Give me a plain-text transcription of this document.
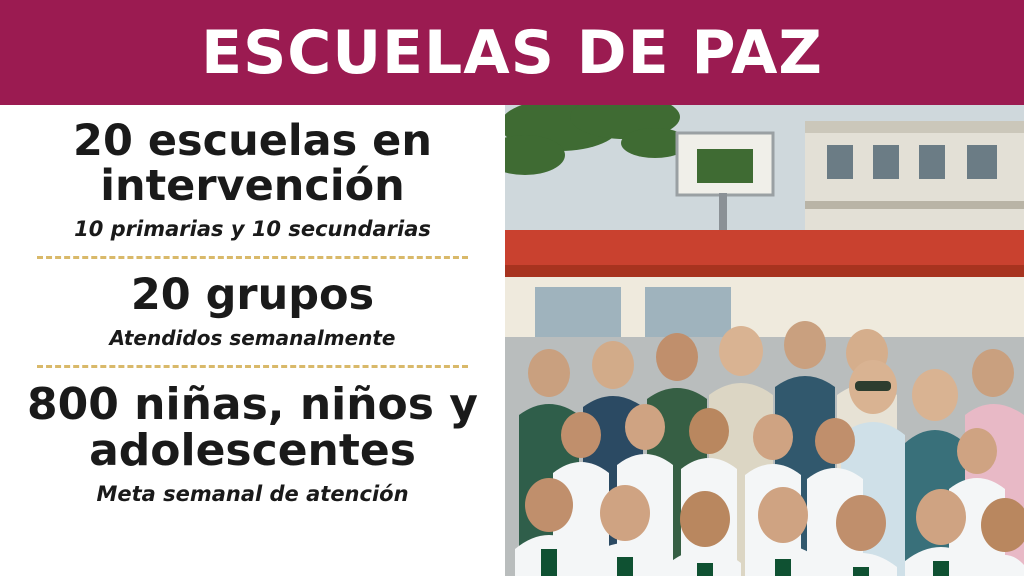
ESCUELAS DE PAZ
20 escuelas en intervención
10 primarias y 10 secundarias
20 grupos
Atendidos semanalmente
800 niñas, niños y adolescentes
Meta semanal de atención
